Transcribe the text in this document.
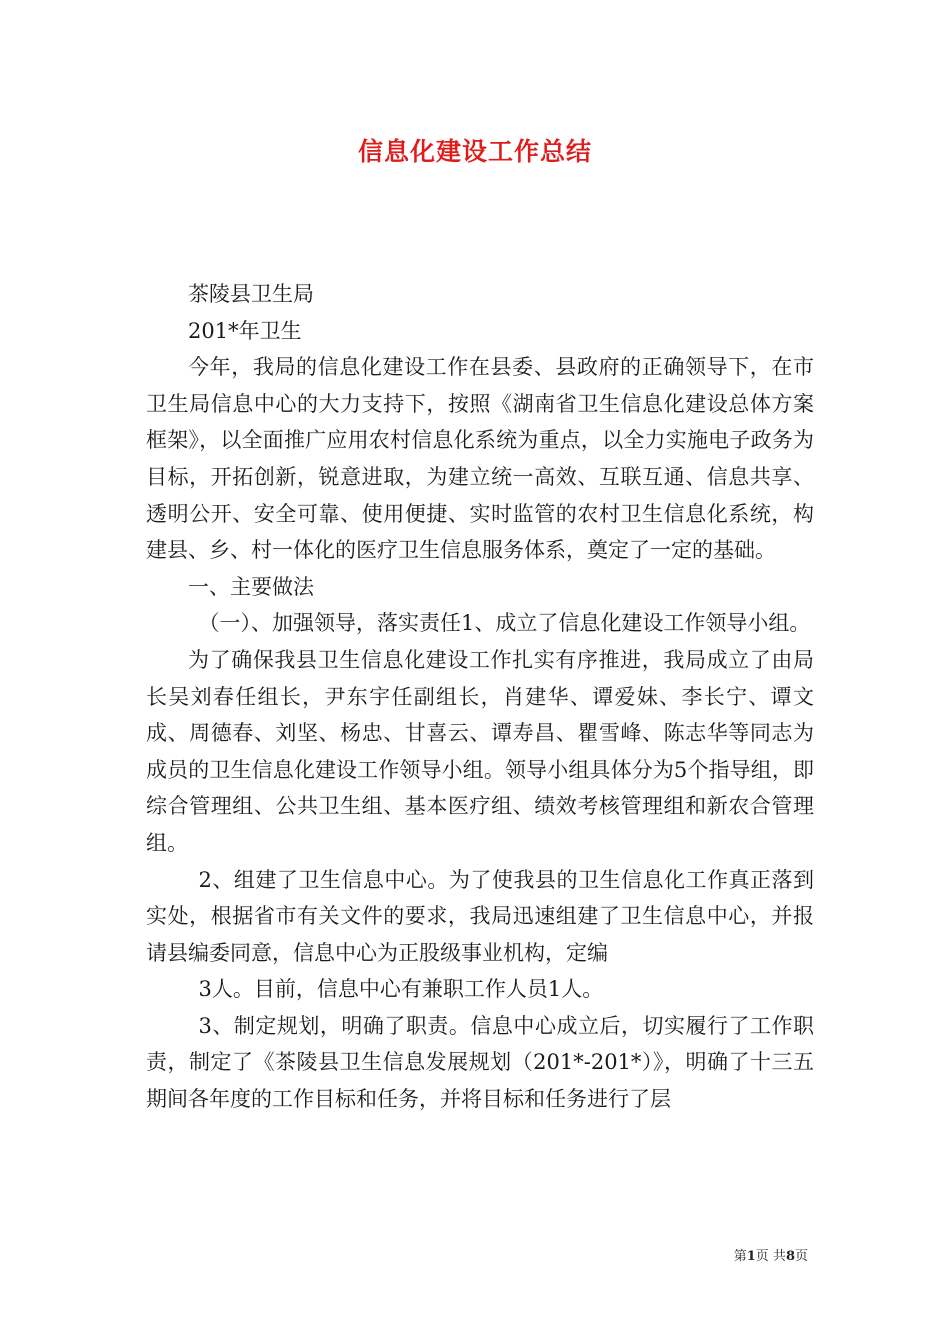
信息化建设工作总结

茶陵县卫生局

201*年卫生

今年，我局的信息化建设工作在县委、县政府的正确领导下，在市卫生局信息中心的大力支持下，按照《湖南省卫生信息化建设总体方案框架》，以全面推广应用农村信息化系统为重点，以全力实施电子政务为目标，开拓创新，锐意进取，为建立统一高效、互联互通、信息共享、透明公开、安全可靠、使用便捷、实时监管的农村卫生信息化系统，构建县、乡、村一体化的医疗卫生信息服务体系，奠定了一定的基础。

一、主要做法

（一）、加强领导，落实责任1、成立了信息化建设工作领导小组。

为了确保我县卫生信息化建设工作扎实有序推进，我局成立了由局长吴刘春任组长，尹东宇任副组长，肖建华、谭爱妹、李长宁、谭文成、周德春、刘坚、杨忠、甘喜云、谭寿昌、瞿雪峰、陈志华等同志为成员的卫生信息化建设工作领导小组。领导小组具体分为5个指导组，即综合管理组、公共卫生组、基本医疗组、绩效考核管理组和新农合管理组。

2、组建了卫生信息中心。为了使我县的卫生信息化工作真正落到实处，根据省市有关文件的要求，我局迅速组建了卫生信息中心，并报请县编委同意，信息中心为正股级事业机构，定编

3人。目前，信息中心有兼职工作人员1人。

3、制定规划，明确了职责。信息中心成立后，切实履行了工作职责，制定了《茶陵县卫生信息发展规划（201*-201*）》，明确了十三五期间各年度的工作目标和任务，并将目标和任务进行了层

第1页 共8页
